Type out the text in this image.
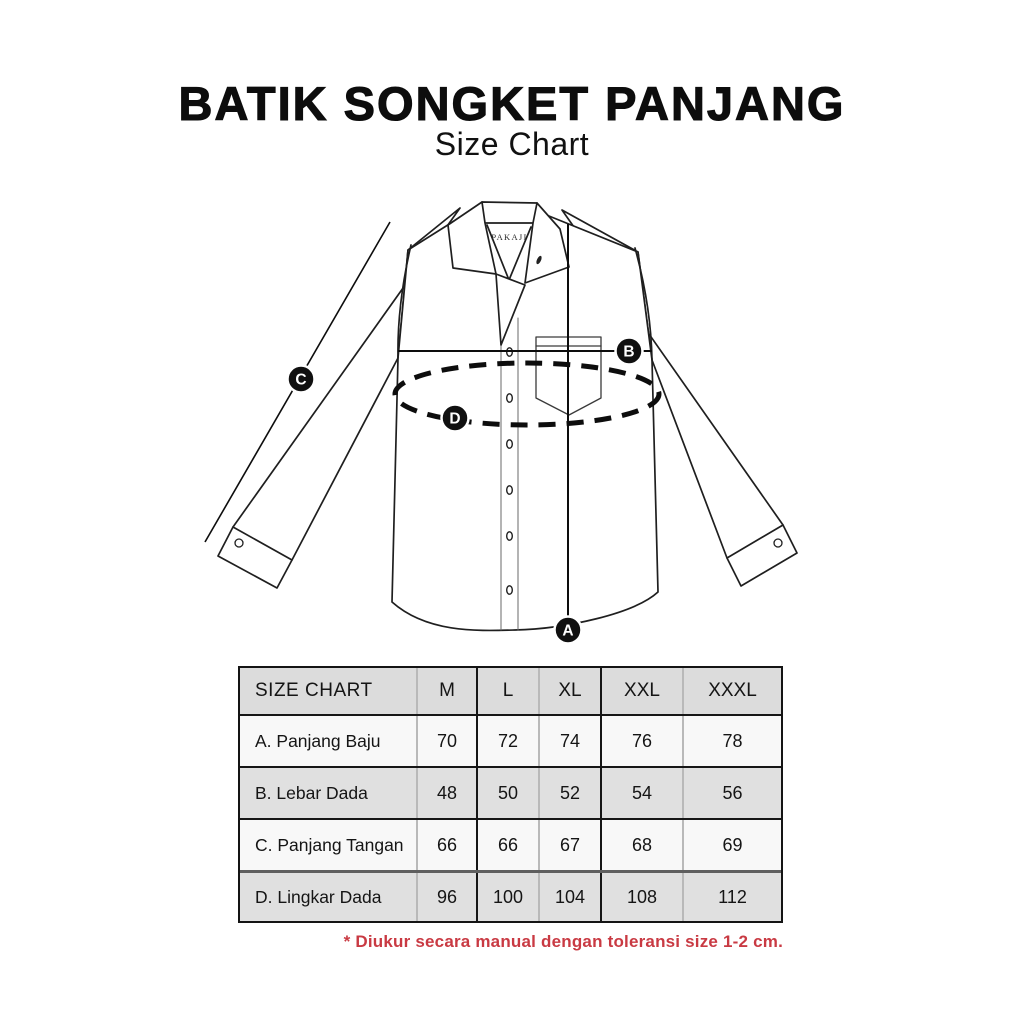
BATIK SONGKET PANJANG
Size Chart
PAKAJI
A
B
C
D
SIZE CHART	M	L	XL	XXL	XXXL
A. Panjang Baju	70	72	74	76	78
B. Lebar Dada	48	50	52	54	56
C. Panjang Tangan	66	66	67	68	69
D. Lingkar Dada	96	100	104	108	112
* Diukur secara manual dengan toleransi size 1-2 cm.
